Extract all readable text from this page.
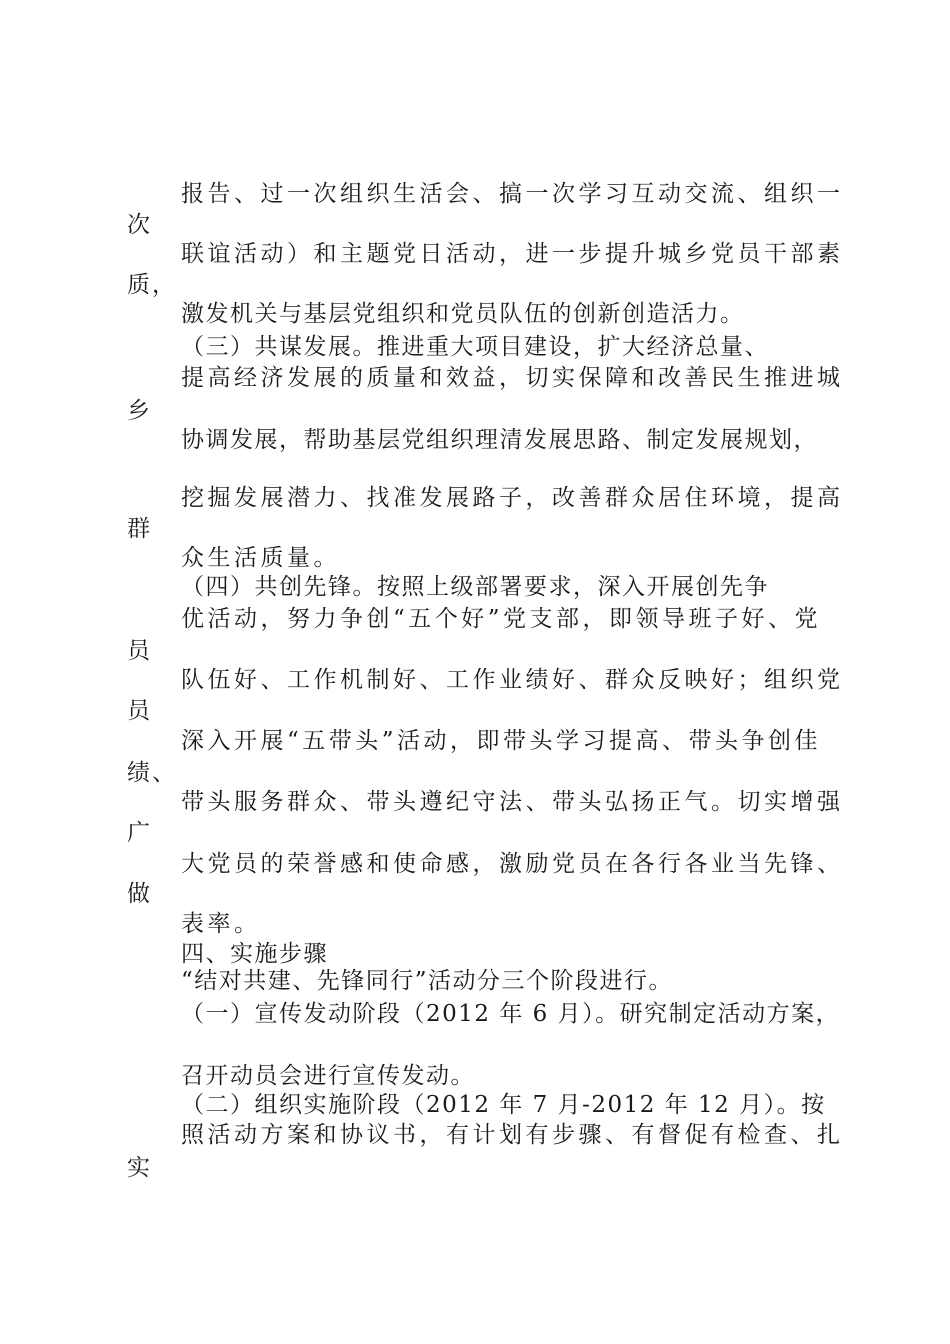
报告、过一次组织生活会、搞一次学习互动交流、组织一
次
联谊活动）和主题党日活动，进一步提升城乡党员干部素
质，
激发机关与基层党组织和党员队伍的创新创造活力。
（三）共谋发展。推进重大项目建设，扩大经济总量、
提高经济发展的质量和效益，切实保障和改善民生推进城
乡
协调发展，帮助基层党组织理清发展思路、制定发展规划，
挖掘发展潜力、找准发展路子，改善群众居住环境，提高
群
众生活质量。
（四）共创先锋。按照上级部署要求，深入开展创先争
优活动，努力争创“五个好”党支部，即领导班子好、党
员
队伍好、工作机制好、工作业绩好、群众反映好；组织党
员
深入开展“五带头”活动，即带头学习提高、带头争创佳
绩、
带头服务群众、带头遵纪守法、带头弘扬正气。切实增强
广
大党员的荣誉感和使命感，激励党员在各行各业当先锋、
做
表率。
四、实施步骤
“结对共建、先锋同行”活动分三个阶段进行。
（一）宣传发动阶段（2012 年 6 月）。研究制定活动方案，
召开动员会进行宣传发动。
（二）组织实施阶段（2012 年 7 月-2012 年 12 月）。按
照活动方案和协议书，有计划有步骤、有督促有检查、扎
实
